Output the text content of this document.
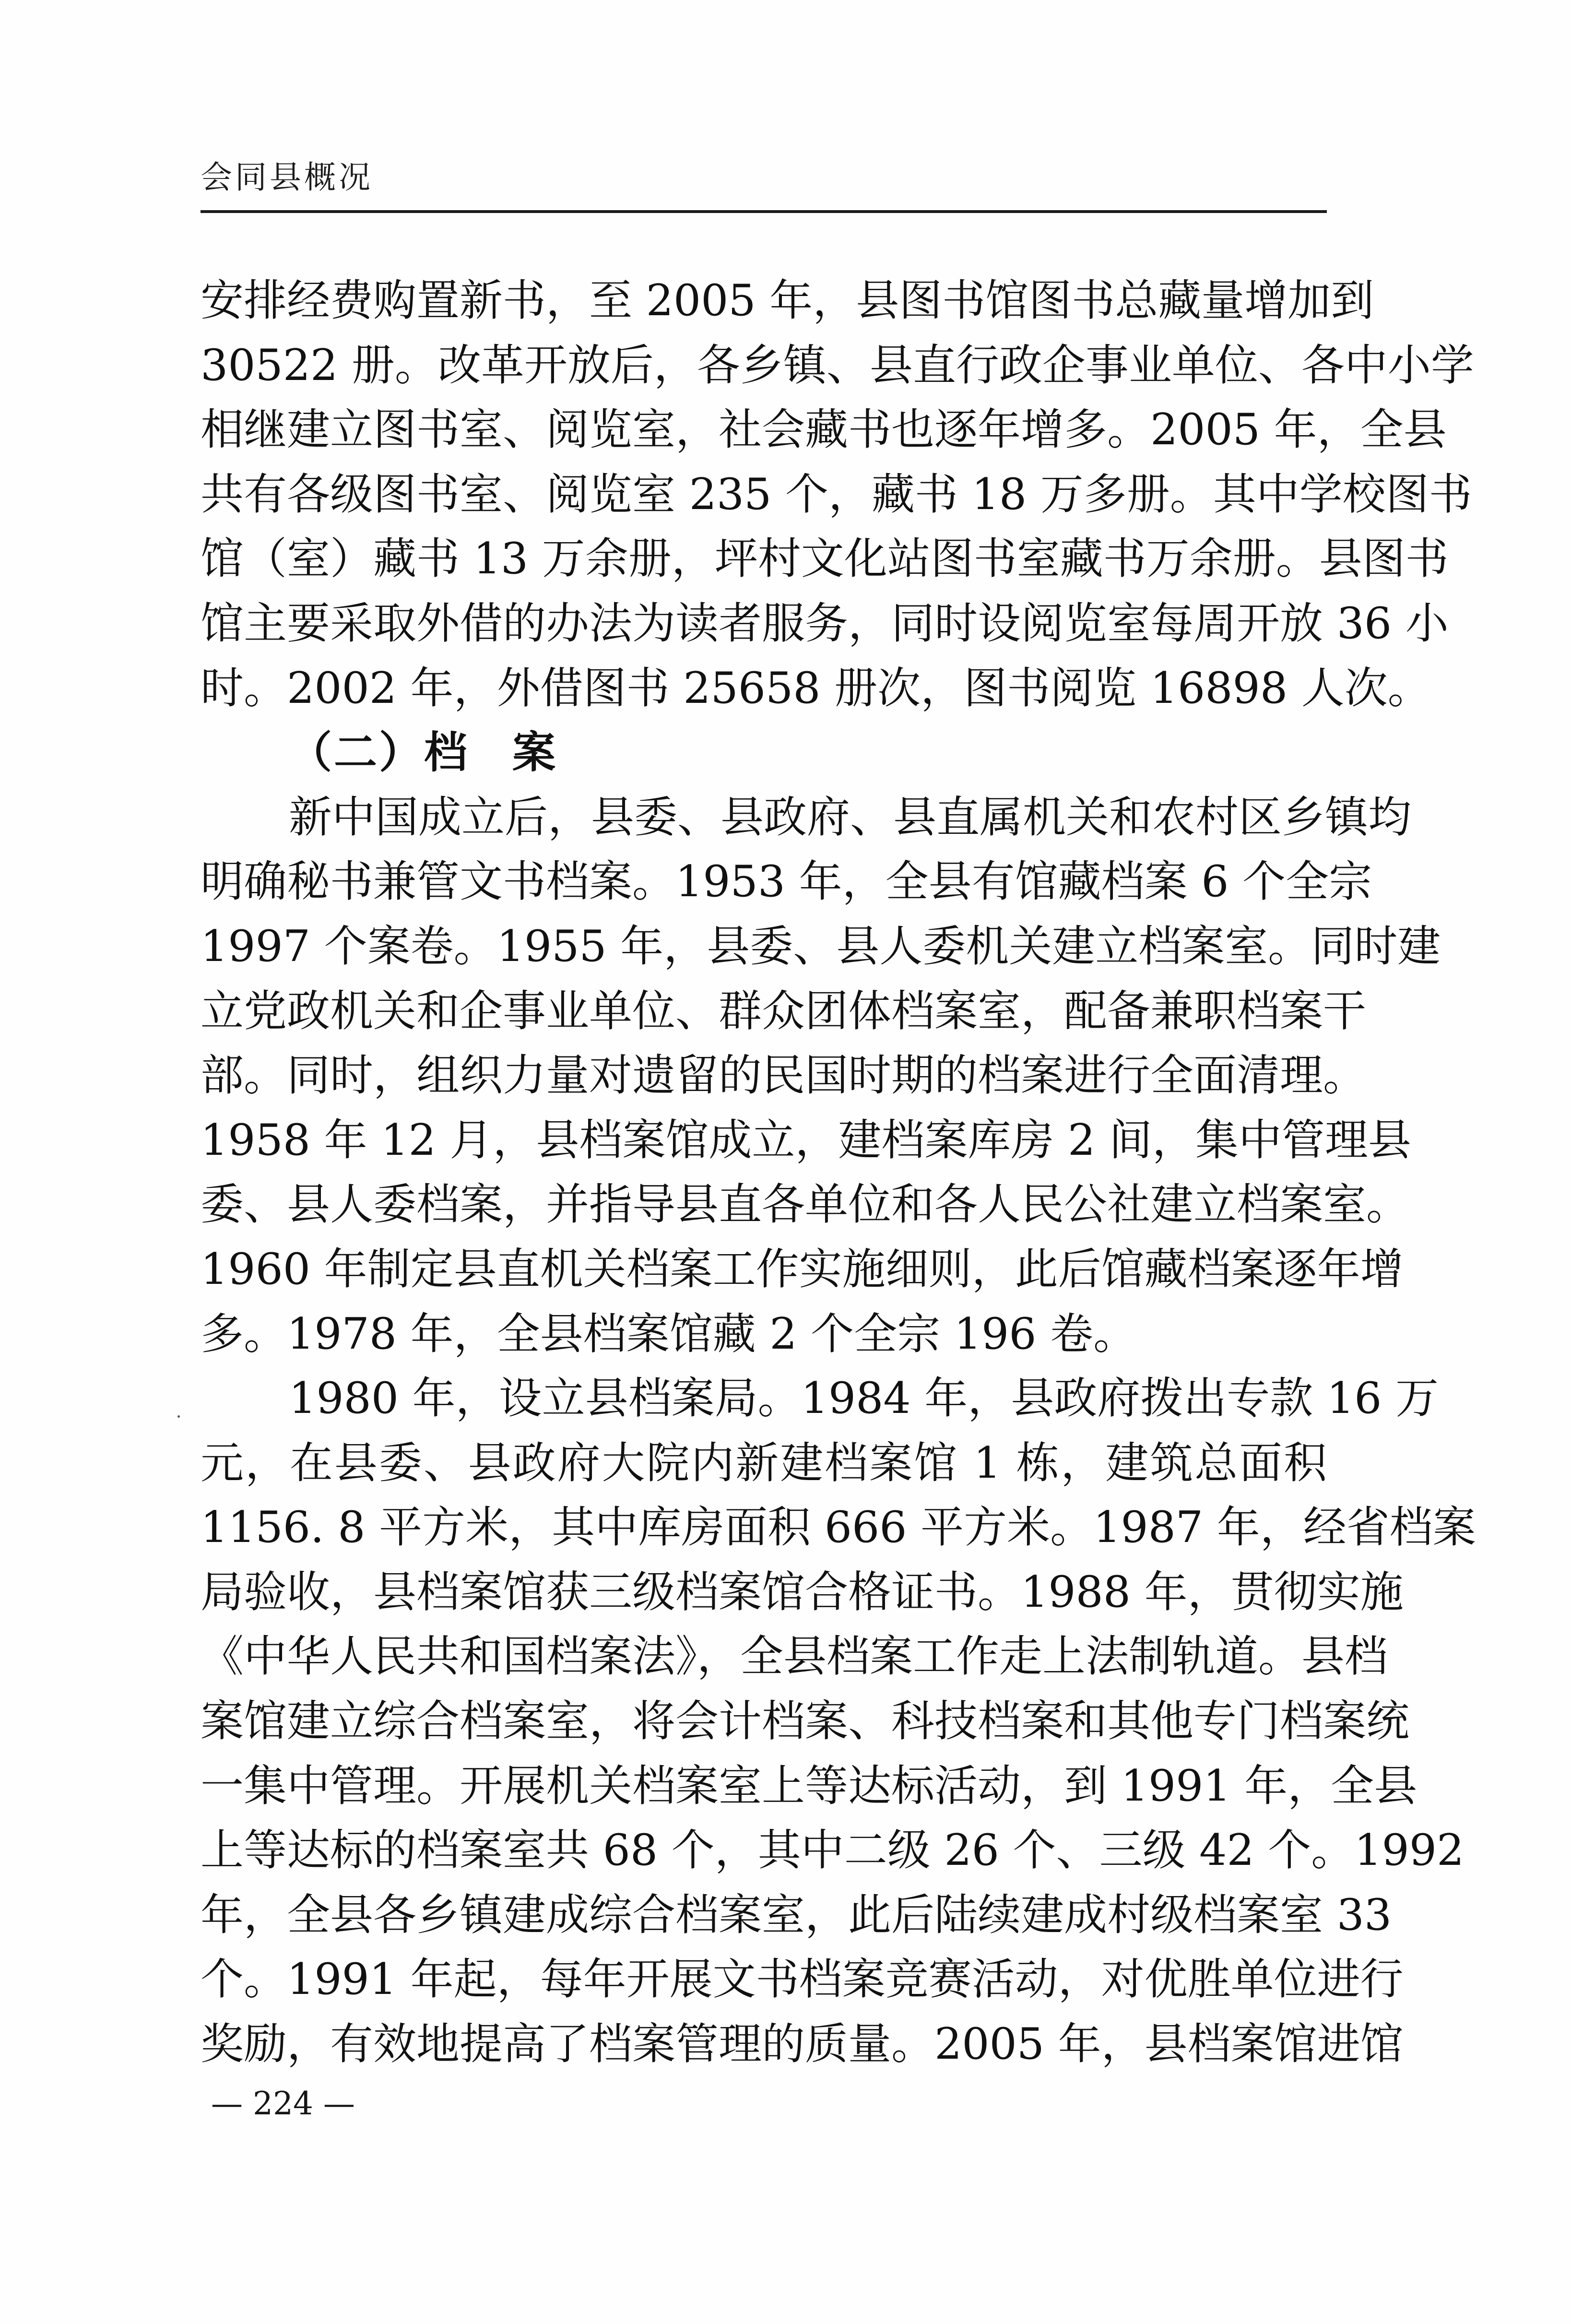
会同县概况
安排经费购置新书，至 2005 年，县图书馆图书总藏量增加到
30522 册。改革开放后，各乡镇、县直行政企事业单位、各中小学
相继建立图书室、阅览室，社会藏书也逐年增多。2005 年，全县
共有各级图书室、阅览室 235 个，藏书 18 万多册。其中学校图书
馆（室）藏书 13 万余册，坪村文化站图书室藏书万余册。县图书
馆主要采取外借的办法为读者服务，同时设阅览室每周开放 36 小
时。2002 年，外借图书 25658 册次，图书阅览 16898 人次。
（二）档 案
新中国成立后，县委、县政府、县直属机关和农村区乡镇均
明确秘书兼管文书档案。1953 年，全县有馆藏档案 6 个全宗
1997 个案卷。1955 年，县委、县人委机关建立档案室。同时建
立党政机关和企事业单位、群众团体档案室，配备兼职档案干
部。同时，组织力量对遗留的民国时期的档案进行全面清理。
1958 年 12 月，县档案馆成立，建档案库房 2 间，集中管理县
委、县人委档案，并指导县直各单位和各人民公社建立档案室。
1960 年制定县直机关档案工作实施细则，此后馆藏档案逐年增
多。1978 年，全县档案馆藏 2 个全宗 196 卷。
1980 年，设立县档案局。1984 年，县政府拨出专款 16 万
元，在县委、县政府大院内新建档案馆 1 栋，建筑总面积
1156. 8 平方米，其中库房面积 666 平方米。1987 年，经省档案
局验收，县档案馆获三级档案馆合格证书。1988 年，贯彻实施
《中华人民共和国档案法》，全县档案工作走上法制轨道。县档
案馆建立综合档案室，将会计档案、科技档案和其他专门档案统
一集中管理。开展机关档案室上等达标活动，到 1991 年，全县
上等达标的档案室共 68 个，其中二级 26 个、三级 42 个。1992
年，全县各乡镇建成综合档案室，此后陆续建成村级档案室 33
个。1991 年起，每年开展文书档案竞赛活动，对优胜单位进行
奖励，有效地提高了档案管理的质量。2005 年，县档案馆进馆
— 224 —
